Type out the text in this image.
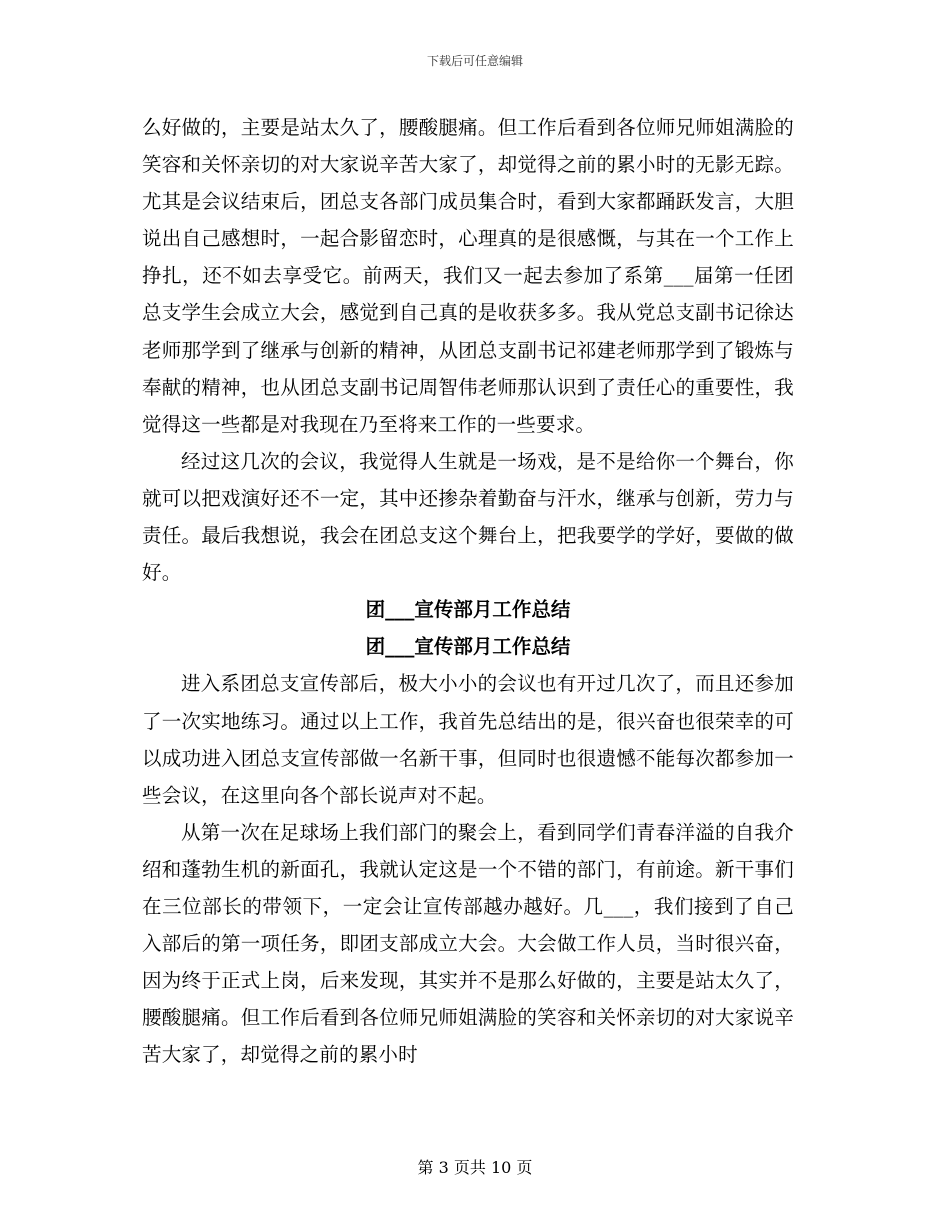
下载后可任意编辑

么好做的，主要是站太久了，腰酸腿痛。但工作后看到各位师兄师姐满脸的笑容和关怀亲切的对大家说辛苦大家了，却觉得之前的累小时的无影无踪。尤其是会议结束后，团总支各部门成员集合时，看到大家都踊跃发言，大胆说出自己感想时，一起合影留恋时，心理真的是很感慨，与其在一个工作上挣扎，还不如去享受它。前两天，我们又一起去参加了系第___届第一任团总支学生会成立大会，感觉到自己真的是收获多多。我从党总支副书记徐达老师那学到了继承与创新的精神，从团总支副书记祁建老师那学到了锻炼与奉献的精神，也从团总支副书记周智伟老师那认识到了责任心的重要性，我觉得这一些都是对我现在乃至将来工作的一些要求。

经过这几次的会议，我觉得人生就是一场戏，是不是给你一个舞台，你就可以把戏演好还不一定，其中还掺杂着勤奋与汗水，继承与创新，劳力与责任。最后我想说，我会在团总支这个舞台上，把我要学的学好，要做的做好。

团___宣传部月工作总结
团___宣传部月工作总结

进入系团总支宣传部后，极大小小的会议也有开过几次了，而且还参加了一次实地练习。通过以上工作，我首先总结出的是，很兴奋也很荣幸的可以成功进入团总支宣传部做一名新干事，但同时也很遗憾不能每次都参加一些会议，在这里向各个部长说声对不起。

从第一次在足球场上我们部门的聚会上，看到同学们青春洋溢的自我介绍和蓬勃生机的新面孔，我就认定这是一个不错的部门，有前途。新干事们在三位部长的带领下，一定会让宣传部越办越好。几___，我们接到了自己入部后的第一项任务，即团支部成立大会。大会做工作人员，当时很兴奋，因为终于正式上岗，后来发现，其实并不是那么好做的，主要是站太久了，腰酸腿痛。但工作后看到各位师兄师姐满脸的笑容和关怀亲切的对大家说辛苦大家了，却觉得之前的累小时

第 3 页共 10 页
